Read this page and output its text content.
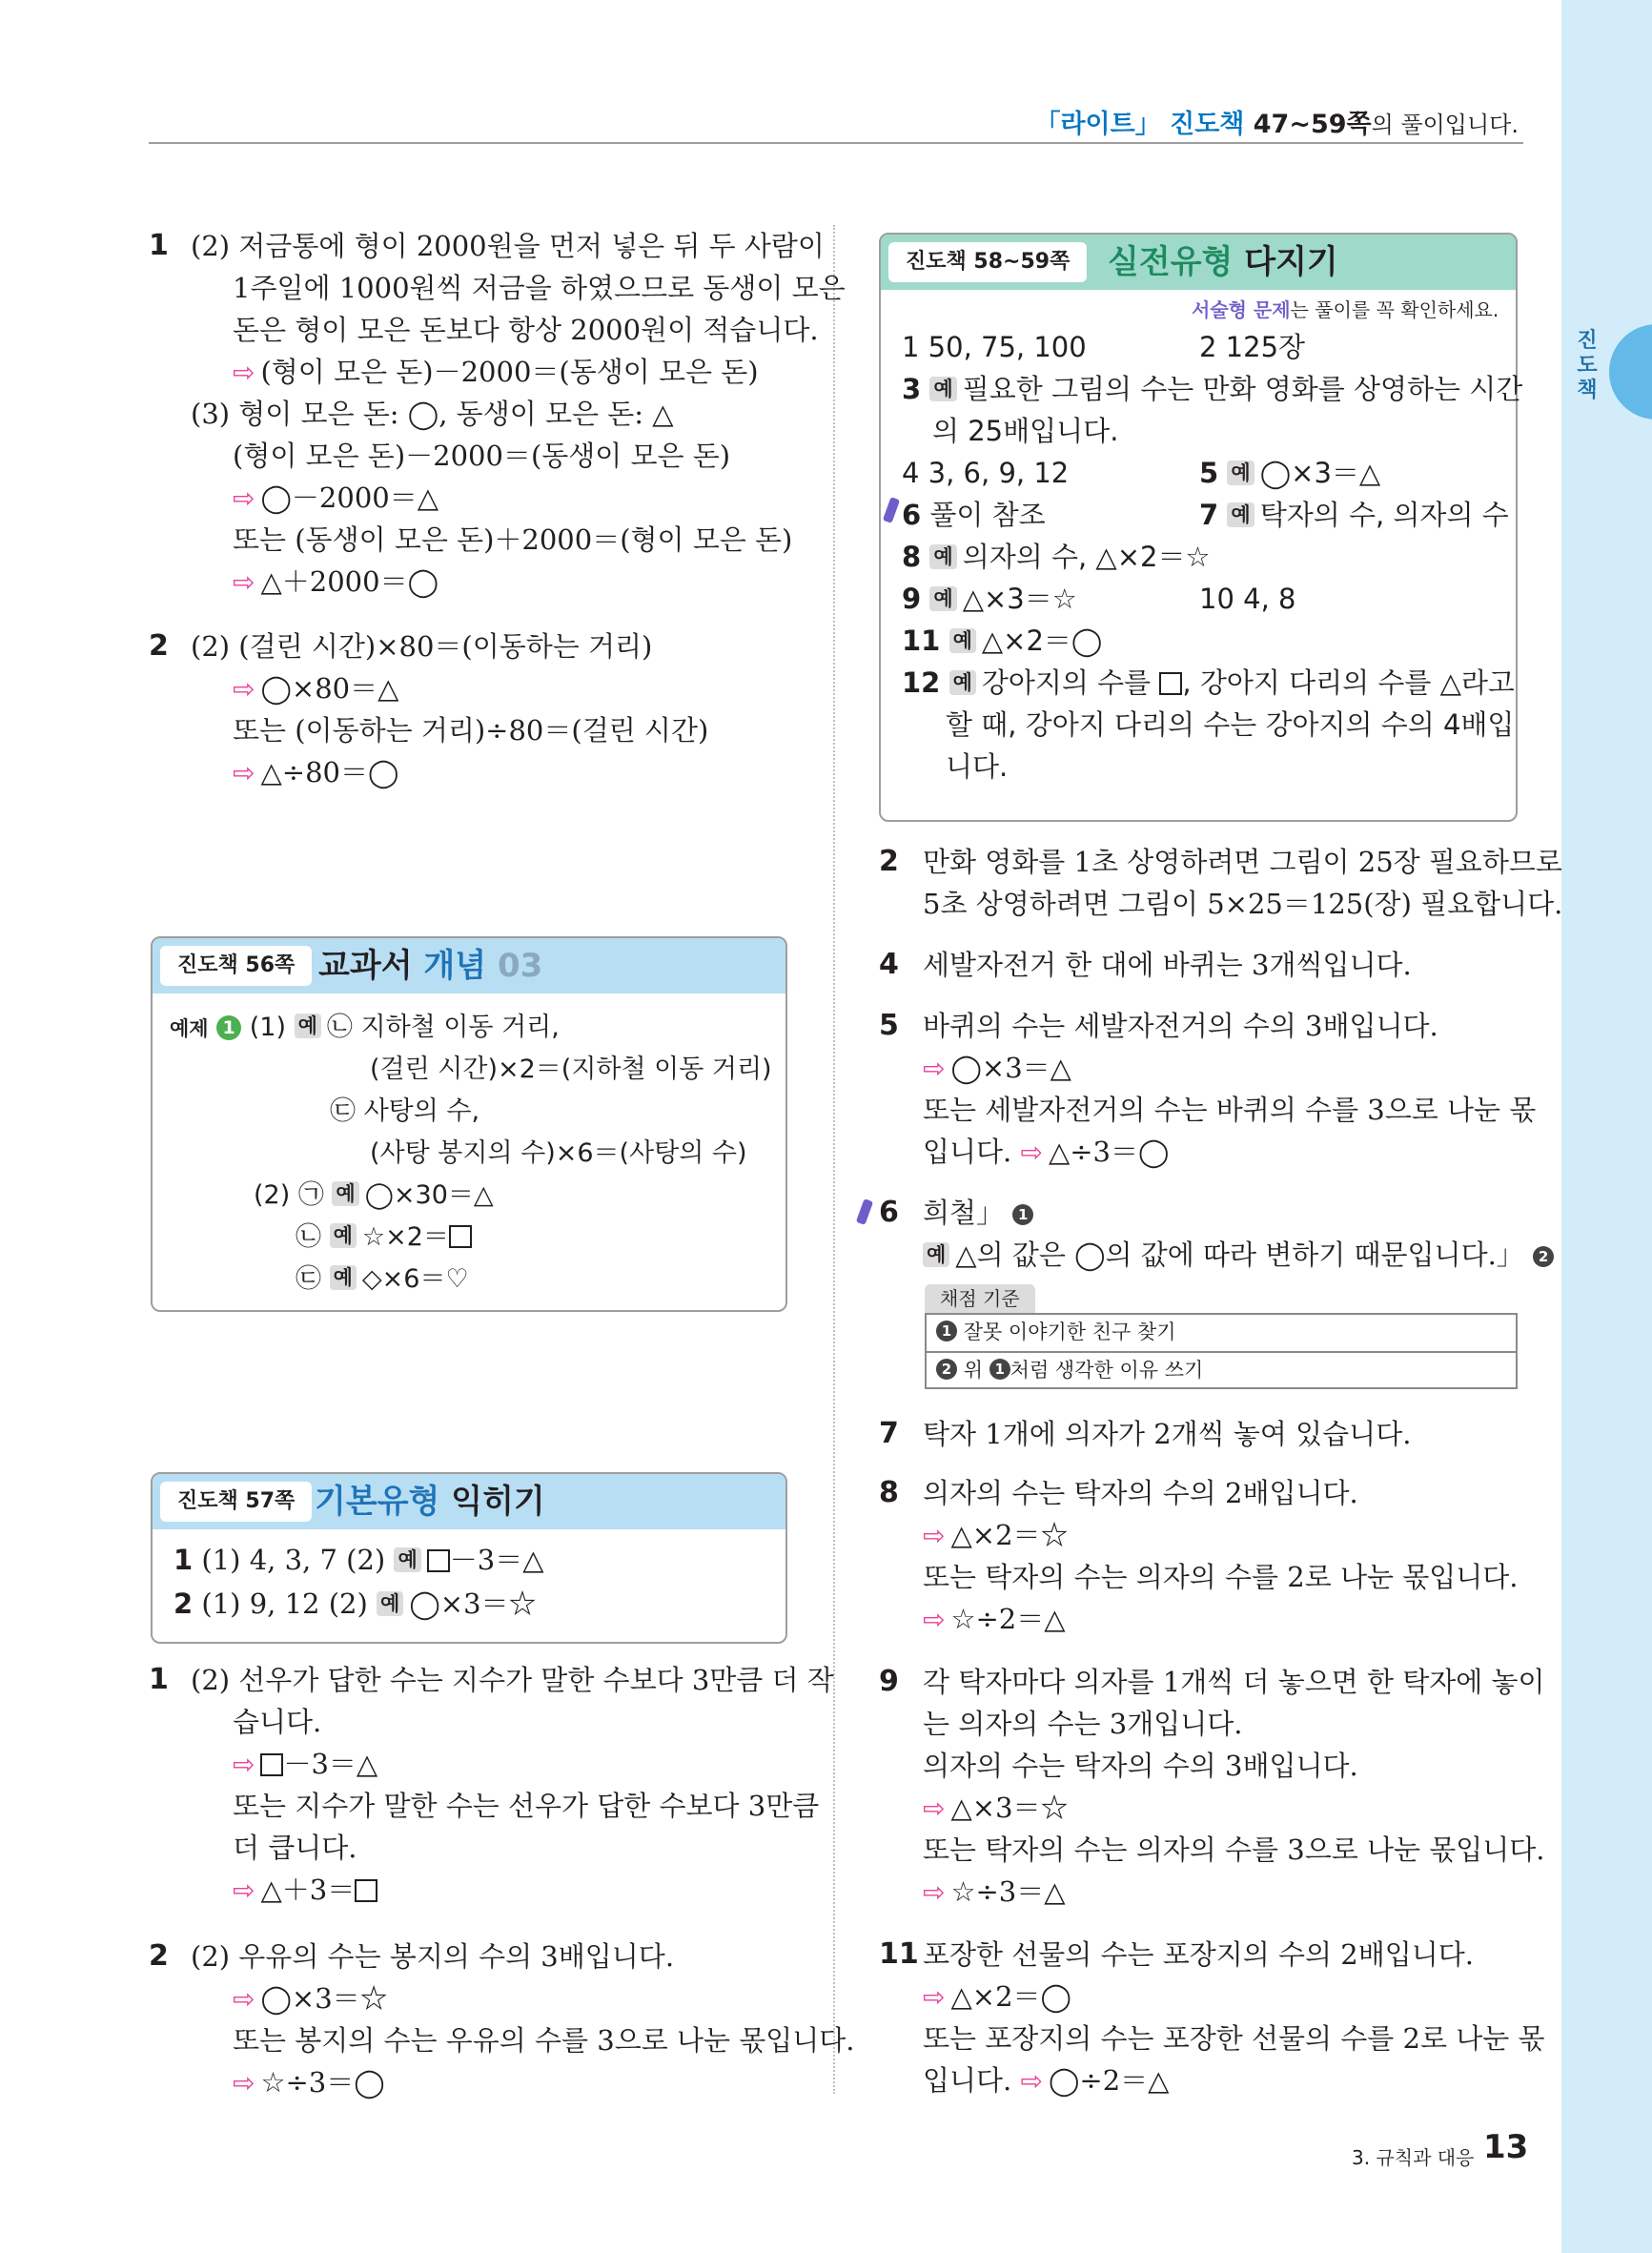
진도책
「라이트」 진도책 47~59쪽의 풀이입니다.
1 (2) 저금통에 형이 2000원을 먼저 넣은 뒤 두 사람이
1주일에 1000원씩 저금을 하였으므로 동생이 모은
돈은 형이 모은 돈보다 항상 2000원이 적습니다.
⇨ (형이 모은 돈)－2000＝(동생이 모은 돈)
(3) 형이 모은 돈: ◯, 동생이 모은 돈: △
(형이 모은 돈)－2000＝(동생이 모은 돈)
⇨ ◯－2000＝△
또는 (동생이 모은 돈)＋2000＝(형이 모은 돈)
⇨ △＋2000＝◯
2 (2) (걸린 시간)×80＝(이동하는 거리)
⇨ ◯×80＝△
또는 (이동하는 거리)÷80＝(걸린 시간)
⇨ △÷80＝◯
진도책 56쪽 교과서 개념 03
예제 1 (1) 예 ㉡ 지하철 이동 거리,
(걸린 시간)×2＝(지하철 이동 거리)
㉢ 사탕의 수,
(사탕 봉지의 수)×6＝(사탕의 수)
(2) ㉠ 예 ◯×30＝△
㉡ 예 ☆×2＝
㉢ 예 ◇×6＝♡
진도책 57쪽 기본유형 익히기
1 (1) 4, 3, 7 (2) 예 －3＝△
2 (1) 9, 12 (2) 예 ◯×3＝☆
1 (2) 선우가 답한 수는 지수가 말한 수보다 3만큼 더 작
습니다.
⇨ －3＝△
또는 지수가 말한 수는 선우가 답한 수보다 3만큼
더 큽니다.
⇨ △＋3＝
2 (2) 우유의 수는 봉지의 수의 3배입니다.
⇨ ◯×3＝☆
또는 봉지의 수는 우유의 수를 3으로 나눈 몫입니다.
⇨ ☆÷3＝◯
진도책 58~59쪽	실전유형 다지기
서술형 문제는 풀이를 꼭 확인하세요.
1 50, 75, 100	2 125장
3 예 필요한 그림의 수는 만화 영화를 상영하는 시간
의 25배입니다.
4 3, 6, 9, 12	5 예 ◯×3＝△
6 풀이 참조	7 예 탁자의 수, 의자의 수
8 예 의자의 수, △×2＝☆
9 예 △×3＝☆	10 4, 8
11 예 △×2＝◯
12 예 강아지의 수를 , 강아지 다리의 수를 △라고
할 때, 강아지 다리의 수는 강아지의 수의 4배입
니다.
2 만화 영화를 1초 상영하려면 그림이 25장 필요하므로
5초 상영하려면 그림이 5×25＝125(장) 필요합니다.
4 세발자전거 한 대에 바퀴는 3개씩입니다.
5 바퀴의 수는 세발자전거의 수의 3배입니다.
⇨ ◯×3＝△
또는 세발자전거의 수는 바퀴의 수를 3으로 나눈 몫
입니다. ⇨ △÷3＝◯
6 희철」 1
예 △의 값은 ◯의 값에 따라 변하기 때문입니다.」 2
채점 기준
1 잘못 이야기한 친구 찾기
2 위 1 처럼 생각한 이유 쓰기
7 탁자 1개에 의자가 2개씩 놓여 있습니다.
8 의자의 수는 탁자의 수의 2배입니다.
⇨ △×2＝☆
또는 탁자의 수는 의자의 수를 2로 나눈 몫입니다.
⇨ ☆÷2＝△
9 각 탁자마다 의자를 1개씩 더 놓으면 한 탁자에 놓이
는 의자의 수는 3개입니다.
의자의 수는 탁자의 수의 3배입니다.
⇨ △×3＝☆
또는 탁자의 수는 의자의 수를 3으로 나눈 몫입니다.
⇨ ☆÷3＝△
11 포장한 선물의 수는 포장지의 수의 2배입니다.
⇨ △×2＝◯
또는 포장지의 수는 포장한 선물의 수를 2로 나눈 몫
입니다. ⇨ ◯÷2＝△
3. 규칙과 대응 13
